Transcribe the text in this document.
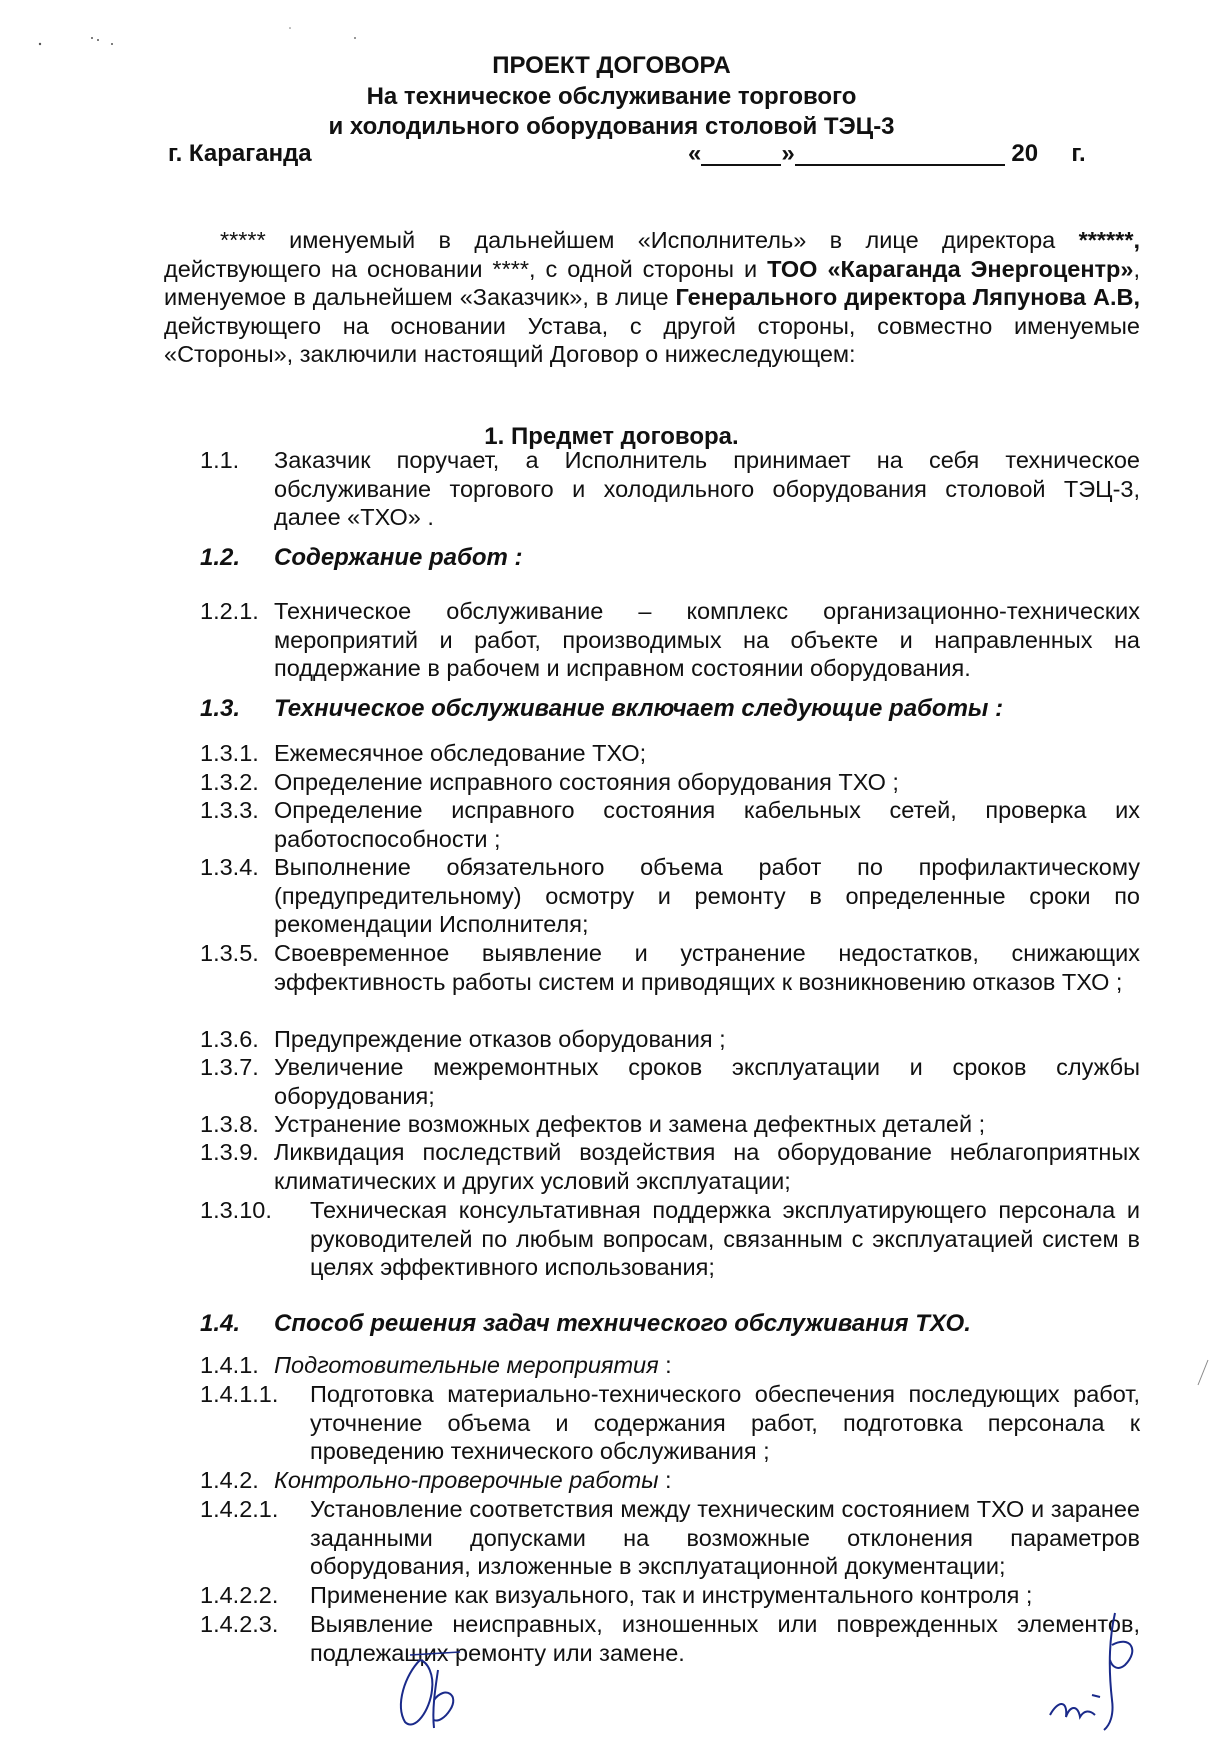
ПРОЕКТ ДОГОВОРА
На техническое обслуживание торгового
и холодильного оборудования столовой ТЭЦ-3
г. Караганда	«	»	20     г.

***** именуемый в дальнейшем «Исполнитель» в лице директора ******, действующего на основании ****, с одной стороны и ТОО «Караганда Энергоцентр», именуемое в дальнейшем «Заказчик», в лице Генерального директора Ляпунова А.В, действующего на основании Устава, с другой стороны, совместно именуемые «Стороны», заключили настоящий Договор о нижеследующем:

1. Предмет договора.
1.1. Заказчик поручает, а Исполнитель принимает на себя техническое обслуживание торгового и холодильного оборудования столовой ТЭЦ-3, далее «ТХО» .
1.2. Содержание работ :
1.2.1. Техническое обслуживание – комплекс организационно-технических мероприятий и работ, производимых на объекте и направленных на поддержание в рабочем и исправном состоянии оборудования.
1.3. Техническое обслуживание включает следующие работы :
1.3.1. Ежемесячное обследование ТХО;
1.3.2. Определение исправного состояния оборудования ТХО ;
1.3.3. Определение исправного состояния кабельных сетей, проверка их работоспособности ;
1.3.4. Выполнение обязательного объема работ по профилактическому (предупредительному) осмотру и ремонту в определенные сроки по рекомендации Исполнителя;
1.3.5. Своевременное выявление и устранение недостатков, снижающих эффективность работы систем и приводящих к возникновению отказов ТХО ;
1.3.6. Предупреждение отказов оборудования ;
1.3.7. Увеличение межремонтных сроков эксплуатации и сроков службы оборудования;
1.3.8. Устранение возможных дефектов и замена дефектных деталей ;
1.3.9. Ликвидация последствий воздействия на оборудование неблагоприятных климатических и других условий эксплуатации;
1.3.10. Техническая консультативная поддержка эксплуатирующего персонала и руководителей по любым вопросам, связанным с эксплуатацией систем в целях эффективного использования;
1.4. Способ решения задач технического обслуживания ТХО.
1.4.1. Подготовительные мероприятия :
1.4.1.1. Подготовка материально-технического обеспечения последующих работ, уточнение объема и содержания работ, подготовка персонала к проведению технического обслуживания ;
1.4.2. Контрольно-проверочные работы :
1.4.2.1. Установление соответствия между техническим состоянием ТХО и заранее заданными допусками на возможные отклонения параметров оборудования, изложенные в эксплуатационной документации;
1.4.2.2. Применение как визуального, так и инструментального контроля ;
1.4.2.3. Выявление неисправных, изношенных или поврежденных элементов, подлежащих ремонту или замене.
